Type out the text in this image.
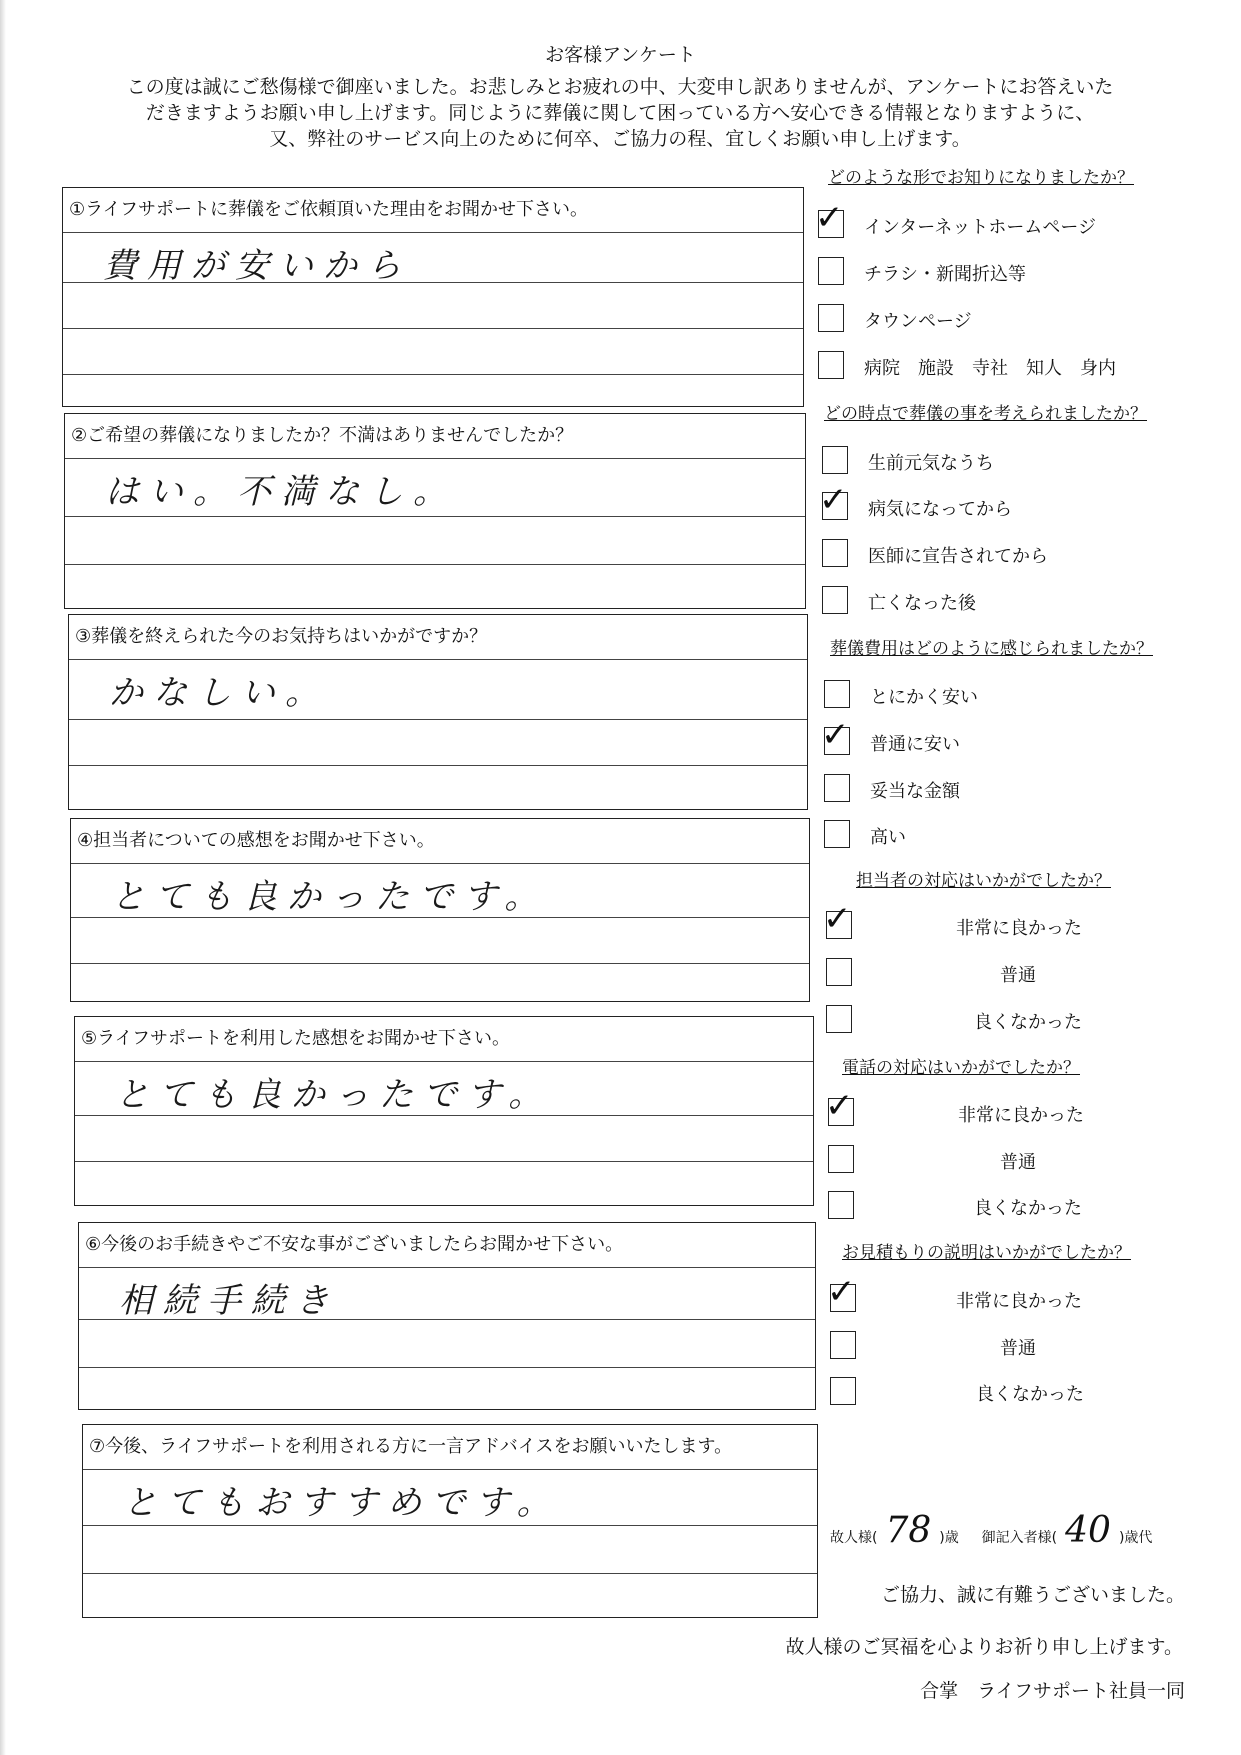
お客様アンケート
この度は誠にご愁傷様で御座いました。お悲しみとお疲れの中、大変申し訳ありませんが、アンケートにお答えいた
だきますようお願い申し上げます。同じように葬儀に関して困っている方へ安心できる情報となりますように、
又、弊社のサービス向上のために何卒、ご協力の程、宜しくお願い申し上げます。
①ライフサポートに葬儀をご依頼頂いた理由をお聞かせ下さい。
費用が安いから
②ご希望の葬儀になりましたか？不満はありませんでしたか？
はい。不満なし。
③葬儀を終えられた今のお気持ちはいかがですか？
かなしい。
④担当者についての感想をお聞かせ下さい。
とても良かったです。
⑤ライフサポートを利用した感想をお聞かせ下さい。
とても良かったです。
⑥今後のお手続きやご不安な事がございましたらお聞かせ下さい。
相続手続き
⑦今後、ライフサポートを利用される方に一言アドバイスをお願いいたします。
とてもおすすめです。
どのような形でお知りになりましたか？
✓ インターネットホームページ
チラシ・新聞折込等
タウンページ
病院　施設　寺社　知人　身内
どの時点で葬儀の事を考えられましたか？
生前元気なうち
✓ 病気になってから
医師に宣告されてから
亡くなった後
葬儀費用はどのように感じられましたか？
とにかく安い
✓ 普通に安い
妥当な金額
高い
担当者の対応はいかがでしたか？
✓	非常に良かった
普通
良くなかった
電話の対応はいかがでしたか？
✓	非常に良かった
普通
良くなかった
お見積もりの説明はいかがでしたか？
✓	非常に良かった
普通
良くなかった
故人様( 78 )歳 御記入者様( 40 )歳代
ご協力、誠に有難うございました。
故人様のご冥福を心よりお祈り申し上げます。
合掌　ライフサポート社員一同
